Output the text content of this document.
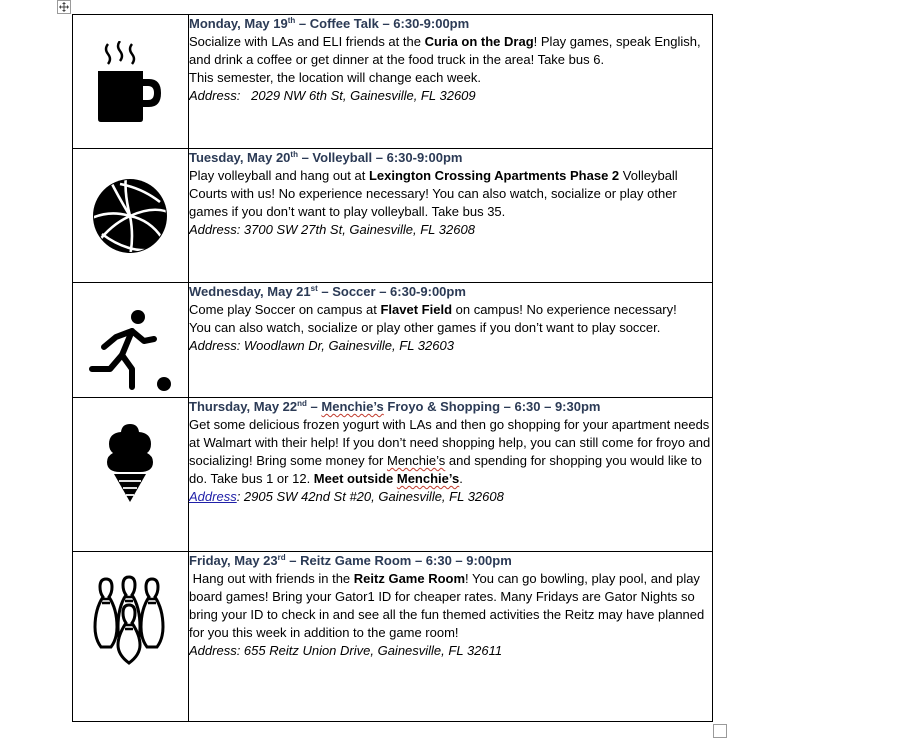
Monday, May 19th – Coffee Talk – 6:30-9:00pm
Socialize with LAs and ELI friends at the Curia on the Drag! Play games, speak English, and drink a coffee or get dinner at the food truck in the area! Take bus 6.
This semester, the location will change each week.
Address:   2029 NW 6th St, Gainesville, FL 32609

Tuesday, May 20th – Volleyball – 6:30-9:00pm
Play volleyball and hang out at Lexington Crossing Apartments Phase 2 Volleyball Courts with us! No experience necessary! You can also watch, socialize or play other games if you don’t want to play volleyball. Take bus 35.
Address: 3700 SW 27th St, Gainesville, FL 32608

Wednesday, May 21st – Soccer – 6:30-9:00pm
Come play Soccer on campus at Flavet Field on campus! No experience necessary!
You can also watch, socialize or play other games if you don’t want to play soccer.
Address: Woodlawn Dr, Gainesville, FL 32603

Thursday, May 22nd – Menchie’s Froyo & Shopping – 6:30 – 9:30pm
Get some delicious frozen yogurt with LAs and then go shopping for your apartment needs at Walmart with their help! If you don’t need shopping help, you can still come for froyo and socializing! Bring some money for Menchie’s and spending for shopping you would like to do. Take bus 1 or 12. Meet outside Menchie’s.
Address: 2905 SW 42nd St #20, Gainesville, FL 32608

Friday, May 23rd – Reitz Game Room – 6:30 – 9:00pm
Hang out with friends in the Reitz Game Room! You can go bowling, play pool, and play board games! Bring your Gator1 ID for cheaper rates. Many Fridays are Gator Nights so bring your ID to check in and see all the fun themed activities the Reitz may have planned for you this week in addition to the game room!
Address: 655 Reitz Union Drive, Gainesville, FL 32611
